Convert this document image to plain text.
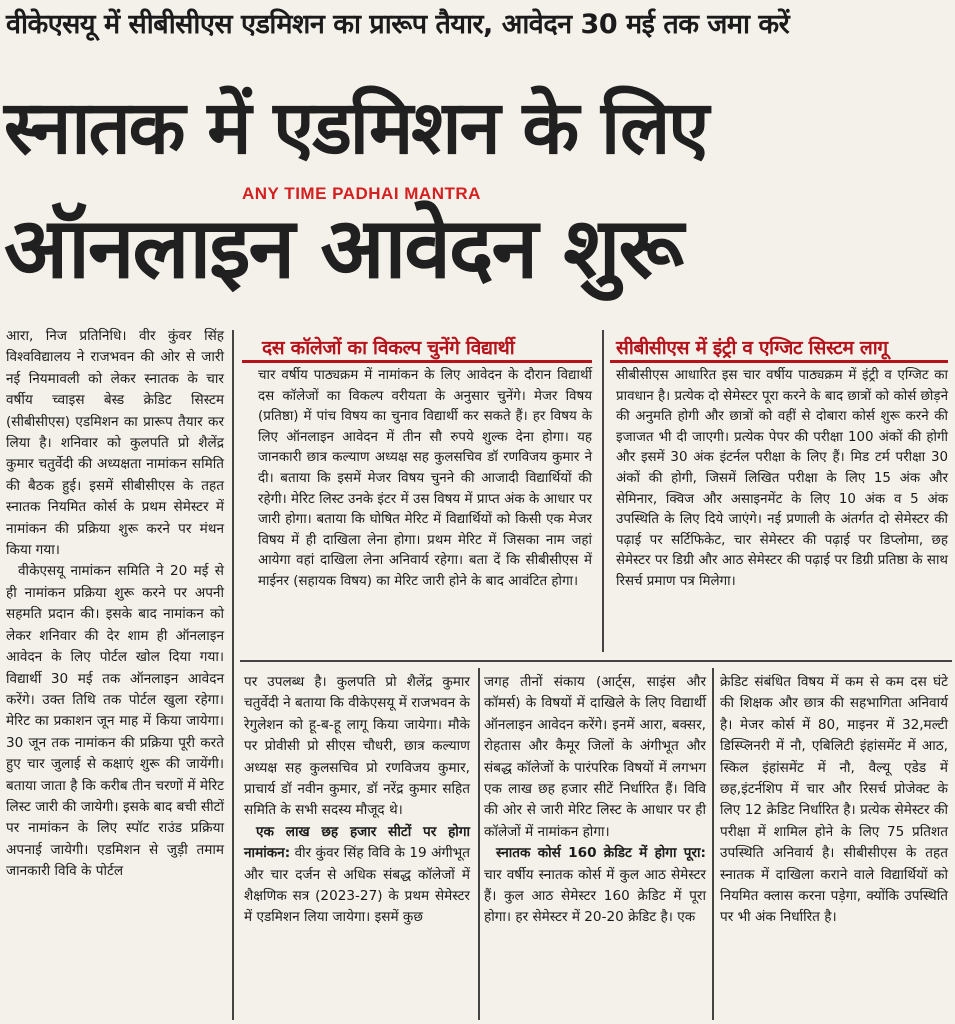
वीकेएसयू में सीबीसीएस एडमिशन का प्रारूप तैयार, आवेदन 30 मई तक जमा करें
स्नातक में एडमिशन के लिए
ऑनलाइन आवेदन शुरू
ANY TIME PADHAI MANTRA

आरा, निज प्रतिनिधि। वीर कुंवर सिंह विश्वविद्यालय ने राजभवन की ओर से जारी नई नियमावली को लेकर स्नातक के चार वर्षीय च्वाइस बेस्ड क्रेडिट सिस्टम (सीबीसीएस) एडमिशन का प्रारूप तैयार कर लिया है। शनिवार को कुलपति प्रो शैलेंद्र कुमार चतुर्वेदी की अध्यक्षता नामांकन समिति की बैठक हुई। इसमें सीबीसीएस के तहत स्नातक नियमित कोर्स के प्रथम सेमेस्टर में नामांकन की प्रक्रिया शुरू करने पर मंथन किया गया।

वीकेएसयू नामांकन समिति ने 20 मई से ही नामांकन प्रक्रिया शुरू करने पर अपनी सहमति प्रदान की। इसके बाद नामांकन को लेकर शनिवार की देर शाम ही ऑनलाइन आवेदन के लिए पोर्टल खोल दिया गया। विद्यार्थी 30 मई तक ऑनलाइन आवेदन करेंगे। उक्त तिथि तक पोर्टल खुला रहेगा। मेरिट का प्रकाशन जून माह में किया जायेगा। 30 जून तक नामांकन की प्रक्रिया पूरी करते हुए चार जुलाई से कक्षाएं शुरू की जायेंगी। बताया जाता है कि करीब तीन चरणों में मेरिट लिस्ट जारी की जायेगी। इसके बाद बची सीटों पर नामांकन के लिए स्पॉट राउंड प्रक्रिया अपनाई जायेगी। एडमिशन से जुड़ी तमाम जानकारी विवि के पोर्टल

दस कॉलेजों का विकल्प चुनेंगे विद्यार्थी
चार वर्षीय पाठ्यक्रम में नामांकन के लिए आवेदन के दौरान विद्यार्थी दस कॉलेजों का विकल्प वरीयता के अनुसार चुनेंगे। मेजर विषय (प्रतिष्ठा) में पांच विषय का चुनाव विद्यार्थी कर सकते हैं। हर विषय के लिए ऑनलाइन आवेदन में तीन सौ रुपये शुल्क देना होगा। यह जानकारी छात्र कल्याण अध्यक्ष सह कुलसचिव डॉ रणविजय कुमार ने दी। बताया कि इसमें मेजर विषय चुनने की आजादी विद्यार्थियों की रहेगी। मेरिट लिस्ट उनके इंटर में उस विषय में प्राप्त अंक के आधार पर जारी होगा। बताया कि घोषित मेरिट में विद्यार्थियों को किसी एक मेजर विषय में ही दाखिला लेना होगा। प्रथम मेरिट में जिसका नाम जहां आयेगा वहां दाखिला लेना अनिवार्य रहेगा। बता दें कि सीबीसीएस में माईनर (सहायक विषय) का मेरिट जारी होने के बाद आवंटित होगा।
सीबीसीएस में इंट्री व एग्जिट सिस्टम लागू
सीबीसीएस आधारित इस चार वर्षीय पाठ्यक्रम में इंट्री व एग्जिट का प्रावधान है। प्रत्येक दो सेमेस्टर पूरा करने के बाद छात्रों को कोर्स छोड़ने की अनुमति होगी और छात्रों को वहीं से दोबारा कोर्स शुरू करने की इजाजत भी दी जाएगी। प्रत्येक पेपर की परीक्षा 100 अंकों की होगी और इसमें 30 अंक इंटर्नल परीक्षा के लिए हैं। मिड टर्म परीक्षा 30 अंकों की होगी, जिसमें लिखित परीक्षा के लिए 15 अंक और सेमिनार, क्विज और असाइनमेंट के लिए 10 अंक व 5 अंक उपस्थिति के लिए दिये जाएंगे। नई प्रणाली के अंतर्गत दो सेमेस्टर की पढ़ाई पर सर्टिफिकेट, चार सेमेस्टर की पढ़ाई पर डिप्लोमा, छह सेमेस्टर पर डिग्री और आठ सेमेस्टर की पढ़ाई पर डिग्री प्रतिष्ठा के साथ रिसर्च प्रमाण पत्र मिलेगा।

पर उपलब्ध है। कुलपति प्रो शैलेंद्र कुमार चतुर्वेदी ने बताया कि वीकेएसयू में राजभवन के रेगुलेशन को हू-ब-हू लागू किया जायेगा। मौके पर प्रोवीसी प्रो सीएस चौधरी, छात्र कल्याण अध्यक्ष सह कुलसचिव प्रो रणविजय कुमार, प्राचार्य डॉ नवीन कुमार, डॉ नरेंद्र कुमार सहित समिति के सभी सदस्य मौजूद थे।

एक लाख छह हजार सीटों पर होगा नामांकन: वीर कुंवर सिंह विवि के 19 अंगीभूत और चार दर्जन से अधिक संबद्ध कॉलेजों में शैक्षणिक सत्र (2023-27) के प्रथम सेमेस्टर में एडमिशन लिया जायेगा। इसमें कुछ

जगह तीनों संकाय (आर्ट्स, साइंस और कॉमर्स) के विषयों में दाखिले के लिए विद्यार्थी ऑनलाइन आवेदन करेंगे। इनमें आरा, बक्सर, रोहतास और कैमूर जिलों के अंगीभूत और संबद्ध कॉलेजों के पारंपरिक विषयों में लगभग एक लाख छह हजार सीटें निर्धारित हैं। विवि की ओर से जारी मेरिट लिस्ट के आधार पर ही कॉलेजों में नामांकन होगा।

स्नातक कोर्स 160 क्रेडिट में होगा पूरा: चार वर्षीय स्नातक कोर्स में कुल आठ सेमेस्टर हैं। कुल आठ सेमेस्टर 160 क्रेडिट में पूरा होगा। हर सेमेस्टर में 20-20 क्रेडिट है। एक

क्रेडिट संबंधित विषय में कम से कम दस घंटे की शिक्षक और छात्र की सहभागिता अनिवार्य है। मेजर कोर्स में 80, माइनर में 32,मल्टी डिस्प्लिनरी में नौ, एबिलिटी इंहांसमेंट में आठ, स्किल इंहांसमेंट में नौ, वैल्यू एडेड में छह,इंटर्नशिप में चार और रिसर्च प्रोजेक्ट के लिए 12 क्रेडिट निर्धारित है। प्रत्येक सेमेस्टर की परीक्षा में शामिल होने के लिए 75 प्रतिशत उपस्थिति अनिवार्य है। सीबीसीएस के तहत स्नातक में दाखिला कराने वाले विद्यार्थियों को नियमित क्लास करना पड़ेगा, क्योंकि उपस्थिति पर भी अंक निर्धारित है।
